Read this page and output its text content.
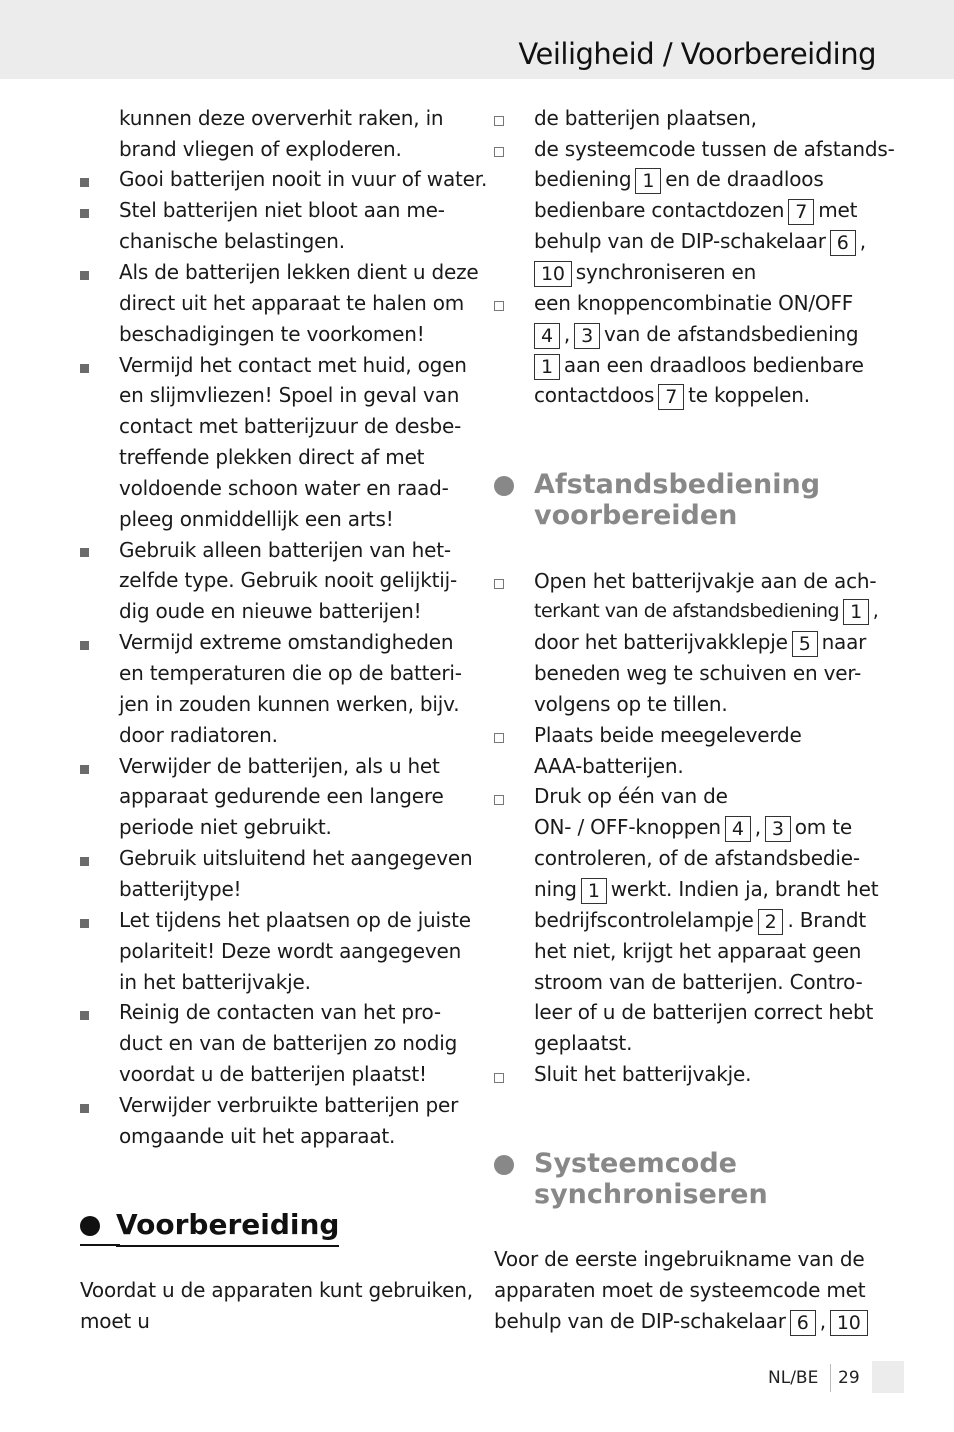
Veiligheid / Voorbereiding
kunnen deze oververhit raken, in
brand vliegen of exploderen.
Gooi batterijen nooit in vuur of water.
Stel batterijen niet bloot aan me-
chanische belastingen.
Als de batterijen lekken dient u deze
direct uit het apparaat te halen om
beschadigingen te voorkomen!
Vermijd het contact met huid, ogen
en slijmvliezen! Spoel in geval van
contact met batterijzuur de desbe-
treffende plekken direct af met
voldoende schoon water en raad-
pleeg onmiddellijk een arts!
Gebruik alleen batterijen van het-
zelfde type. Gebruik nooit gelijktij-
dig oude en nieuwe batterijen!
Vermijd extreme omstandigheden
en temperaturen die op de batteri-
jen in zouden kunnen werken, bijv.
door radiatoren.
Verwijder de batterijen, als u het
apparaat gedurende een langere
periode niet gebruikt.
Gebruik uitsluitend het aangegeven
batterijtype!
Let tijdens het plaatsen op de juiste
polariteit! Deze wordt aangegeven
in het batterijvakje.
Reinig de contacten van het pro-
duct en van de batterijen zo nodig
voordat u de batterijen plaatst!
Verwijder verbruikte batterijen per
omgaande uit het apparaat.
Voorbereiding
Voordat u de apparaten kunt gebruiken,
moet u
de batterijen plaatsen,
de systeemcode tussen de afstands-
bediening 1 en de draadloos
bedienbare contactdozen 7 met
behulp van de DIP-schakelaar 6 ,
10 synchroniseren en
een knoppencombinatie ON/OFF
4 , 3 van de afstandsbediening
1 aan een draadloos bedienbare
contactdoos 7 te koppelen.
Afstandsbediening
voorbereiden
Open het batterijvakje aan de ach-
terkant van de afstandsbediening 1 ,
door het batterijvakklepje 5 naar
beneden weg te schuiven en ver-
volgens op te tillen.
Plaats beide meegeleverde
AAA-batterijen.
Druk op één van de
ON- / OFF-knoppen 4 , 3 om te
controleren, of de afstandsbedie-
ning 1 werkt. Indien ja, brandt het
bedrijfscontrolelampje 2 . Brandt
het niet, krijgt het apparaat geen
stroom van de batterijen. Contro-
leer of u de batterijen correct hebt
geplaatst.
Sluit het batterijvakje.
Systeemcode
synchroniseren
Voor de eerste ingebruikname van de
apparaten moet de systeemcode met
behulp van de DIP-schakelaar 6 , 10
NL/BE 29
